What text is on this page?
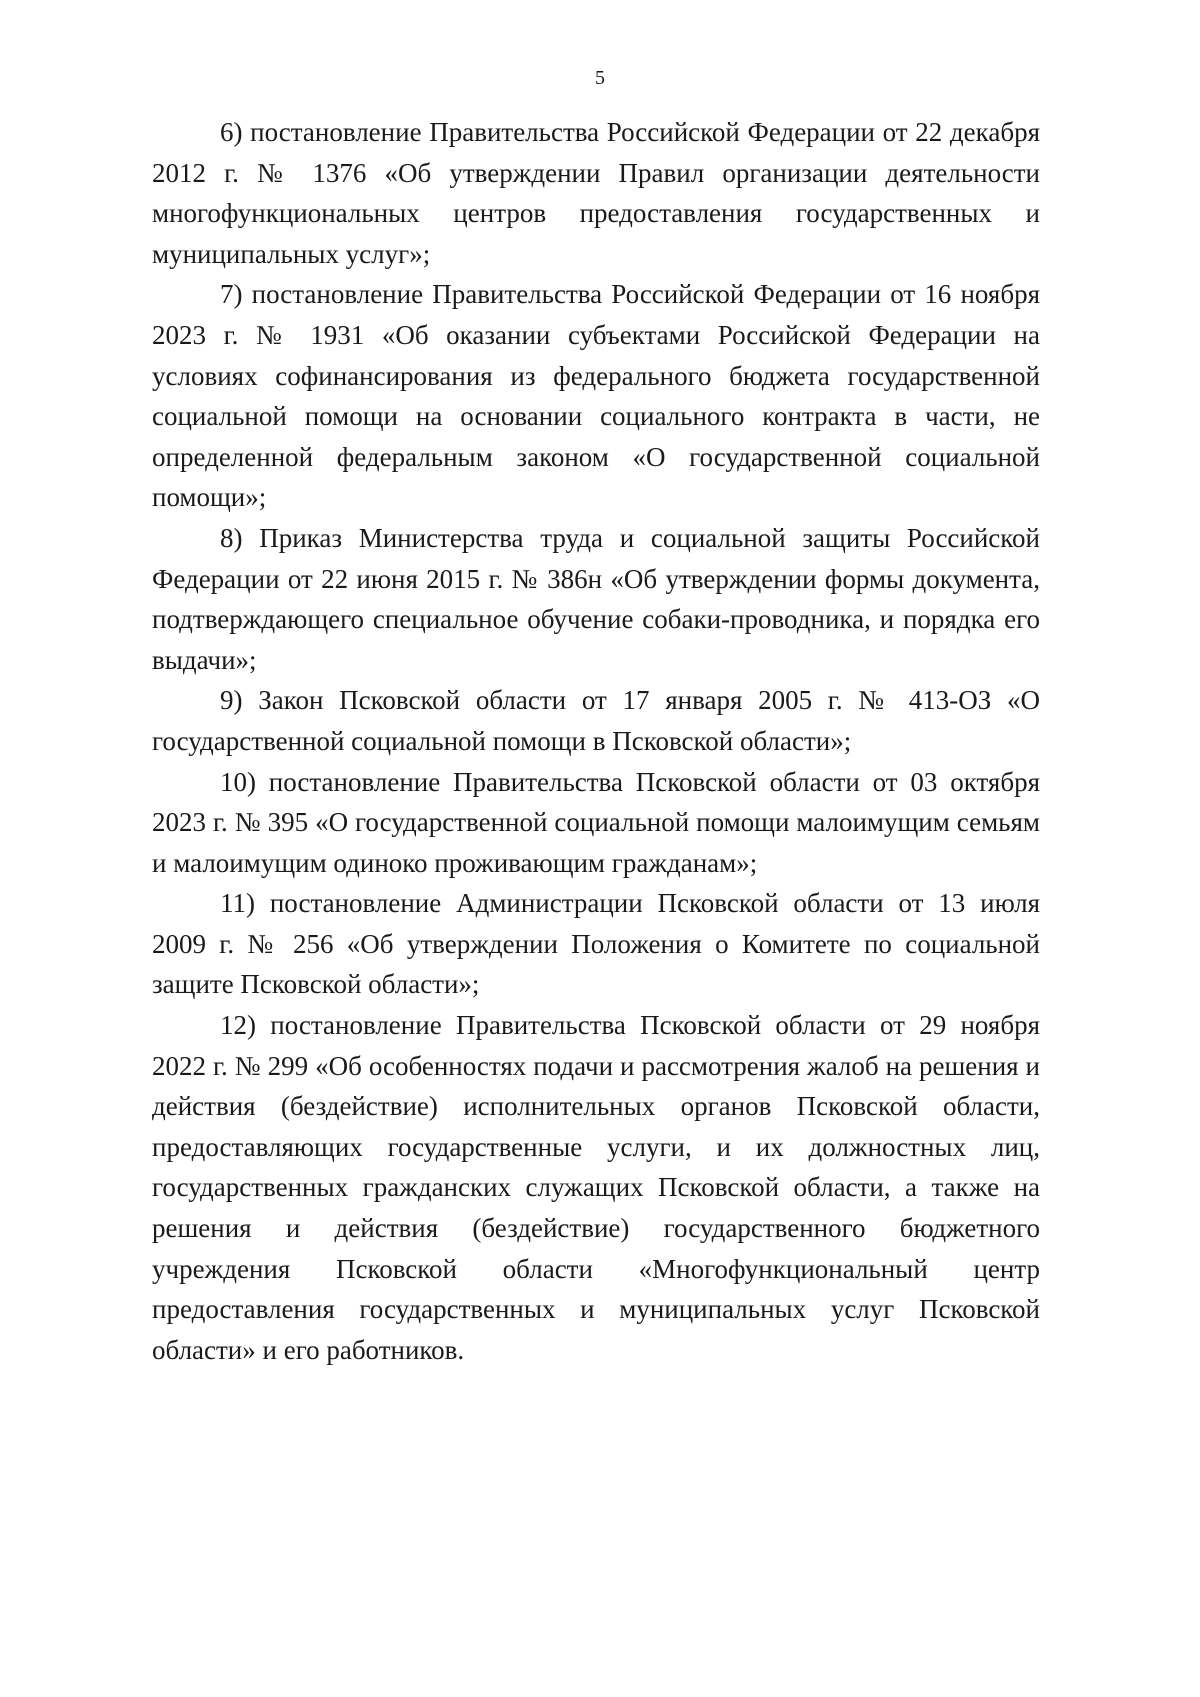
5

6) постановление Правительства Российской Федерации от 22 декабря 2012 г. № 1376 «Об утверждении Правил организации деятельности многофункциональных центров предоставления государственных и муниципальных услуг»;

7) постановление Правительства Российской Федерации от 16 ноября 2023 г. № 1931 «Об оказании субъектами Российской Федерации на условиях софинансирования из федерального бюджета государственной социальной помощи на основании социального контракта в части, не определенной федеральным законом «О государственной социальной помощи»;

8) Приказ Министерства труда и социальной защиты Российской Федерации от 22 июня 2015 г. № 386н «Об утверждении формы документа, подтверждающего специальное обучение собаки-проводника, и порядка его выдачи»;

9) Закон Псковской области от 17 января 2005 г. № 413-ОЗ «О государственной социальной помощи в Псковской области»;

10) постановление Правительства Псковской области от 03 октября 2023 г. № 395 «О государственной социальной помощи малоимущим семьям и малоимущим одиноко проживающим гражданам»;

11) постановление Администрации Псковской области от 13 июля 2009 г. № 256 «Об утверждении Положения о Комитете по социальной защите Псковской области»;

12) постановление Правительства Псковской области от 29 ноября 2022 г. № 299 «Об особенностях подачи и рассмотрения жалоб на решения и действия (бездействие) исполнительных органов Псковской области, предоставляющих государственные услуги, и их должностных лиц, государственных гражданских служащих Псковской области, а также на решения и действия (бездействие) государственного бюджетного учреждения Псковской области «Многофункциональный центр предоставления государственных и муниципальных услуг Псковской области» и его работников.
